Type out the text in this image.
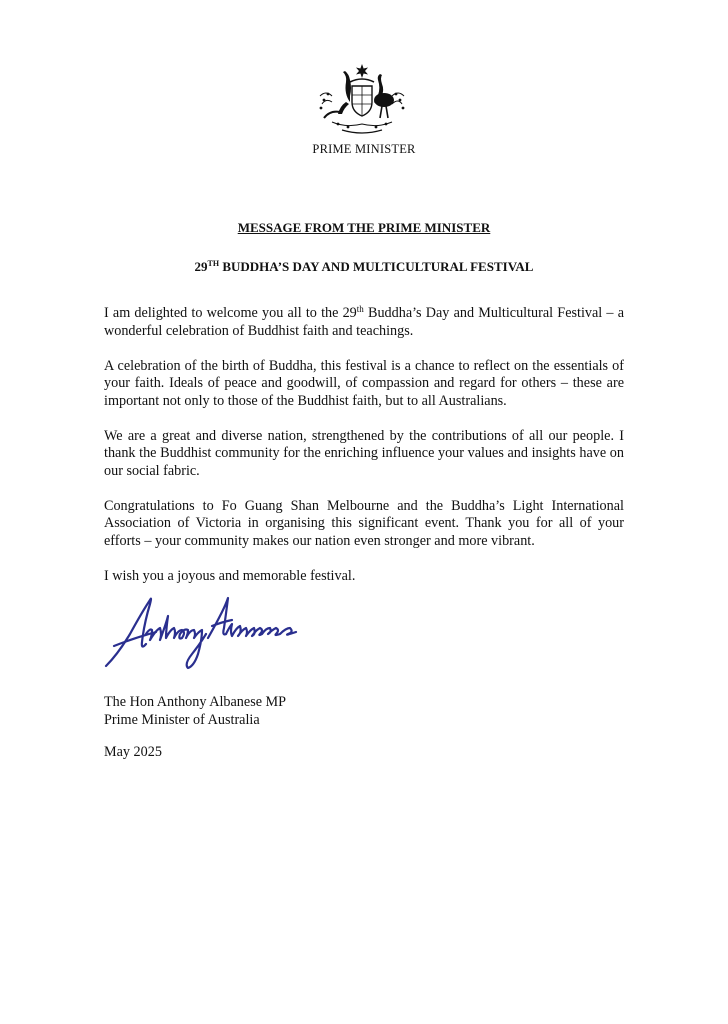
PRIME MINISTER
MESSAGE FROM THE PRIME MINISTER
29TH BUDDHA’S DAY AND MULTICULTURAL FESTIVAL

I am delighted to welcome you all to the 29th Buddha’s Day and Multicultural Festival – a wonderful celebration of Buddhist faith and teachings.

A celebration of the birth of Buddha, this festival is a chance to reflect on the essentials of your faith. Ideals of peace and goodwill, of compassion and regard for others – these are important not only to those of the Buddhist faith, but to all Australians.

We are a great and diverse nation, strengthened by the contributions of all our people. I thank the Buddhist community for the enriching influence your values and insights have on our social fabric.

Congratulations to Fo Guang Shan Melbourne and the Buddha’s Light International Association of Victoria in organising this significant event. Thank you for all of your efforts – your community makes our nation even stronger and more vibrant.

I wish you a joyous and memorable festival.

The Hon Anthony Albanese MP
Prime Minister of Australia
May 2025
